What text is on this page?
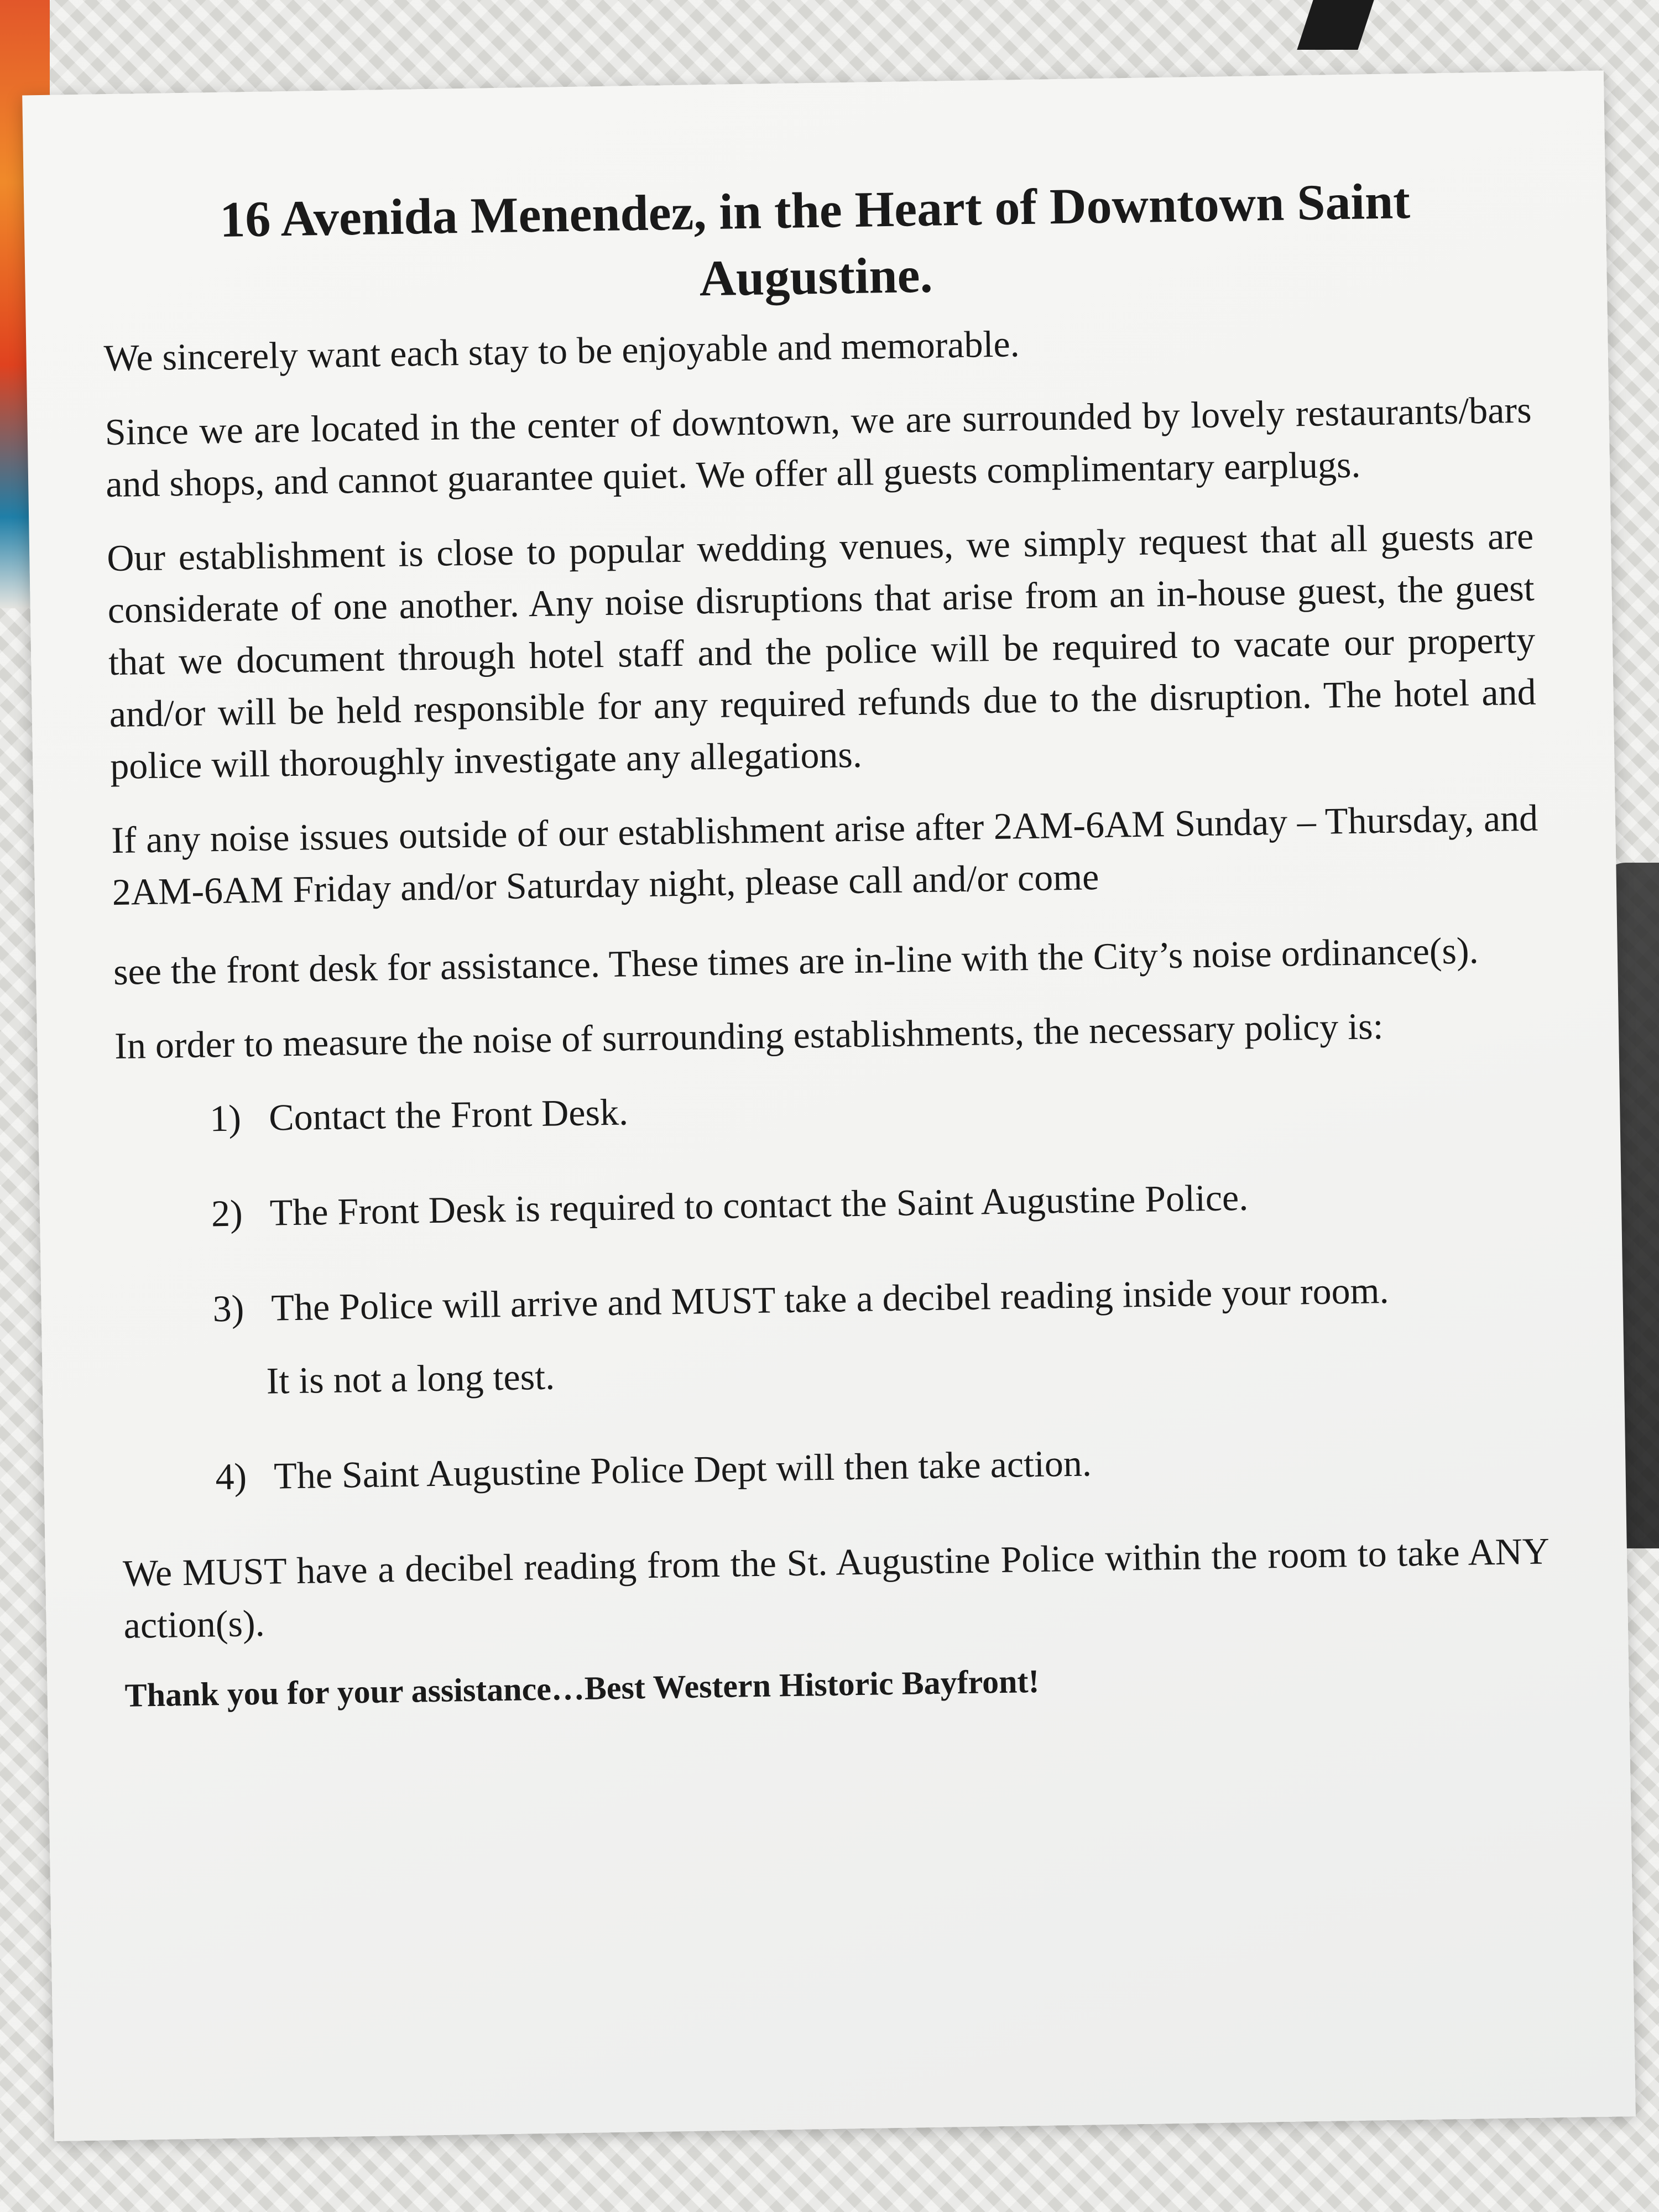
16 Avenida Menendez, in the Heart of Downtown Saint Augustine.

We sincerely want each stay to be enjoyable and memorable.

Since we are located in the center of downtown, we are surrounded by lovely restaurants/bars and shops, and cannot guarantee quiet. We offer all guests complimentary earplugs.

Our establishment is close to popular wedding venues, we simply request that all guests are considerate of one another. Any noise disruptions that arise from an in-house guest, the guest that we document through hotel staff and the police will be required to vacate our property and/or will be held responsible for any required refunds due to the disruption. The hotel and police will thoroughly investigate any allegations.

If any noise issues outside of our establishment arise after 2AM-6AM Sunday – Thursday, and 2AM-6AM Friday and/or Saturday night, please call and/or come

see the front desk for assistance. These times are in-line with the City’s noise ordinance(s).

In order to measure the noise of surrounding establishments, the necessary policy is:

1) Contact the Front Desk.
2) The Front Desk is required to contact the Saint Augustine Police.
3) The Police will arrive and MUST take a decibel reading inside your room.
It is not a long test.
4) The Saint Augustine Police Dept will then take action.

We MUST have a decibel reading from the St. Augustine Police within the room to take ANY action(s).

Thank you for your assistance…Best Western Historic Bayfront!
